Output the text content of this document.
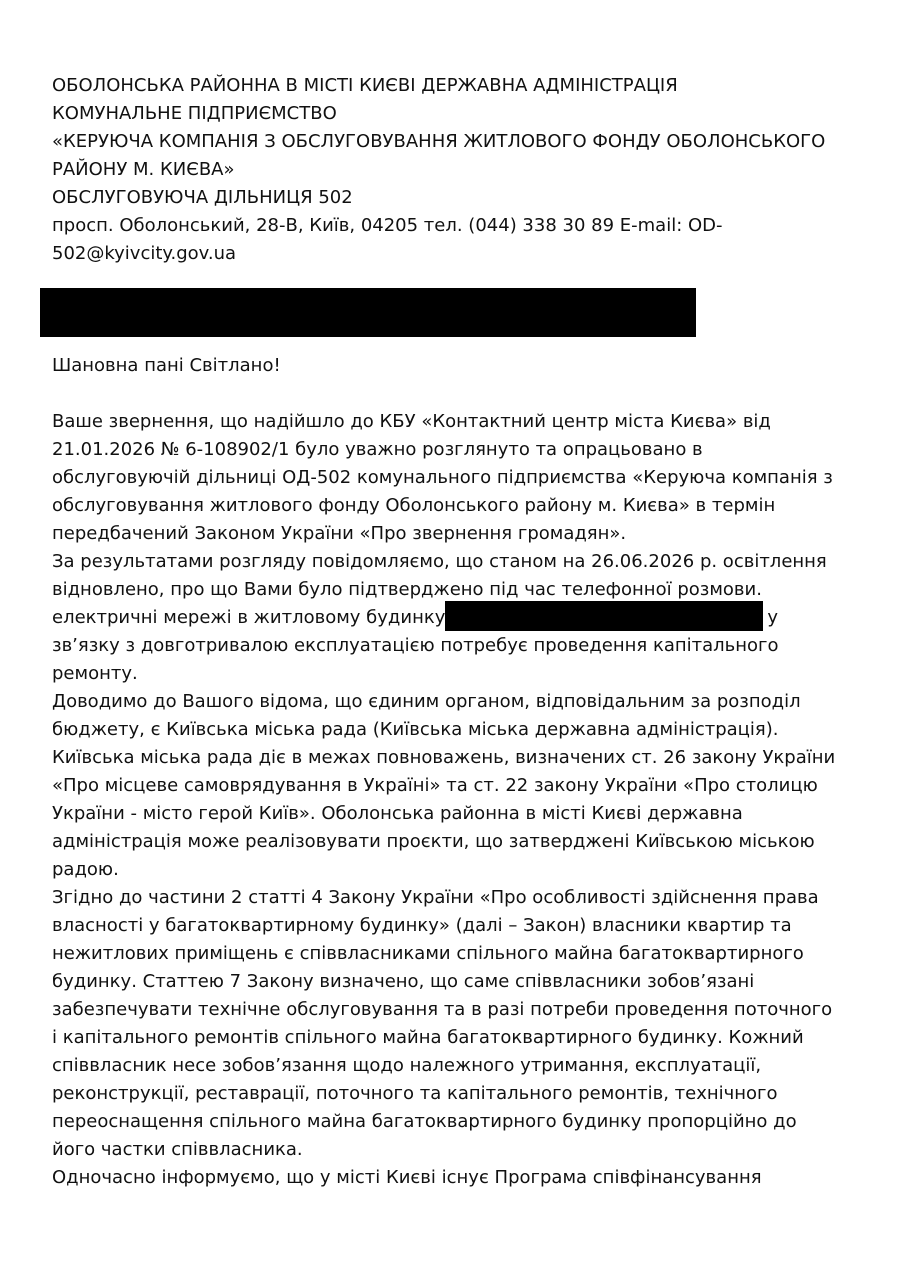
ОБОЛОНСЬКА РАЙОННА В МІСТІ КИЄВІ ДЕРЖАВНА АДМІНІСТРАЦІЯ
КОМУНАЛЬНЕ ПІДПРИЄМСТВО
«КЕРУЮЧА КОМПАНІЯ З ОБСЛУГОВУВАННЯ ЖИТЛОВОГО ФОНДУ ОБОЛОНСЬКОГО
РАЙОНУ М. КИЄВА»
ОБСЛУГОВУЮЧА ДІЛЬНИЦЯ 502
просп. Оболонський, 28-В, Київ, 04205 тел. (044) 338 30 89 E-mail: OD-
502@kyivcity.gov.ua
Шановна пані Світлано!
Ваше звернення, що надійшло до КБУ «Контактний центр міста Києва» від
21.01.2026 № 6-108902/1 було уважно розглянуто та опрацьовано в
обслуговуючій дільниці ОД-502 комунального підприємства «Керуюча компанія з
обслуговування житлового фонду Оболонського району м. Києва» в термін
передбачений Законом України «Про звернення громадян».
За результатами розгляду повідомляємо, що станом на 26.06.2026 р. освітлення
відновлено, про що Вами було підтверджено під час телефонної розмови.
електричні мережі в житловому будинку	у
зв’язку з довготривалою експлуатацією потребує проведення капітального
ремонту.
Доводимо до Вашого відома, що єдиним органом, відповідальним за розподіл
бюджету, є Київська міська рада (Київська міська державна адміністрація).
Київська міська рада діє в межах повноважень, визначених ст. 26 закону України
«Про місцеве самоврядування в Україні» та ст. 22 закону України «Про столицю
України - місто герой Київ». Оболонська районна в місті Києві державна
адміністрація може реалізовувати проєкти, що затверджені Київською міською
радою.
Згідно до частини 2 статті 4 Закону України «Про особливості здійснення права
власності у багатоквартирному будинку» (далі – Закон) власники квартир та
нежитлових приміщень є співвласниками спільного майна багатоквартирного
будинку. Статтею 7 Закону визначено, що саме співвласники зобов’язані
забезпечувати технічне обслуговування та в разі потреби проведення поточного
і капітального ремонтів спільного майна багатоквартирного будинку. Кожний
співвласник несе зобов’язання щодо належного утримання, експлуатації,
реконструкції, реставрації, поточного та капітального ремонтів, технічного
переоснащення спільного майна багатоквартирного будинку пропорційно до
його частки співвласника.
Одночасно інформуємо, що у місті Києві існує Програма співфінансування
